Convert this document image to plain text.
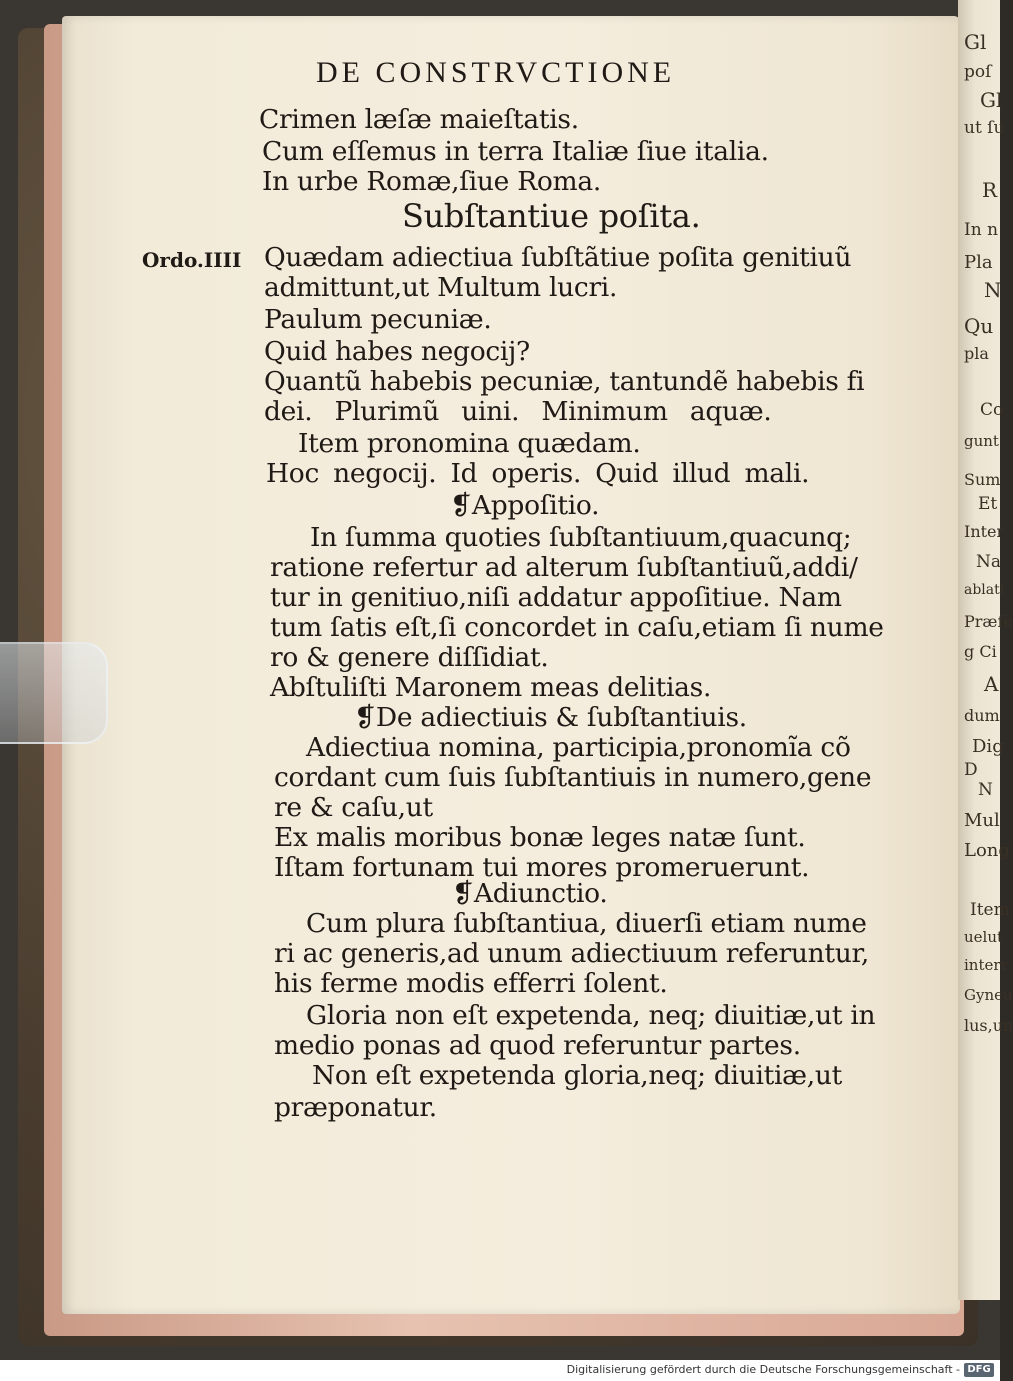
Gl
poſ
Gl
ut ſu
R
In n
Pla
N
Qu
pla
Co
gunt
Sum
Et
Inter
Na
ablati
Præſe
g Ci
A
dum
Dig
D
N
Mul
Long
Item
uelut
interr
Gyneu
lus,un
DE CONSTRVCTIONE
Ordo.IIII
Crimen læſæ maieſtatis.
Cum eſſemus in terra Italiæ ſiue italia.
In urbe Romæ,ſiue Roma.
Subſtantiue poſita.
Quædam adiectiua ſubſtãtiue poſita genitiuũ
admittunt,ut Multum lucri.
Paulum pecuniæ.
Quid habes negocij?
Quantũ habebis pecuniæ, tantundẽ habebis fi
dei. Plurimũ uini. Minimum aquæ.
Item pronomina quædam.
Hoc negocij. Id operis. Quid illud mali.
❡Appoſitio.
In ſumma quoties ſubſtantiuum,quacunq;
ratione refertur ad alterum ſubſtantiuũ,addi/
tur in genitiuo,niſi addatur appoſitiue. Nam
tum ſatis eſt,ſi concordet in caſu,etiam ſi nume
ro & genere diſſidiat.
Abſtuliſti Maronem meas delitias.
❡De adiectiuis & ſubſtantiuis.
Adiectiua nomina, participia,pronomĩa cõ
cordant cum ſuis ſubſtantiuis in numero,gene
re & caſu,ut
Ex malis moribus bonæ leges natæ ſunt.
Iſtam fortunam tui mores promeruerunt.
❡Adiunctio.
Cum plura ſubſtantiua, diuerſi etiam nume
ri ac generis,ad unum adiectiuum referuntur,
his ferme modis efferri ſolent.
Gloria non eſt expetenda, neq; diuitiæ,ut in
medio ponas ad quod referuntur partes.
Non eſt expetenda gloria,neq; diuitiæ,ut
præponatur.
Digitalisierung gefördert durch die Deutsche Forschungsgemeinschaft - DFG
